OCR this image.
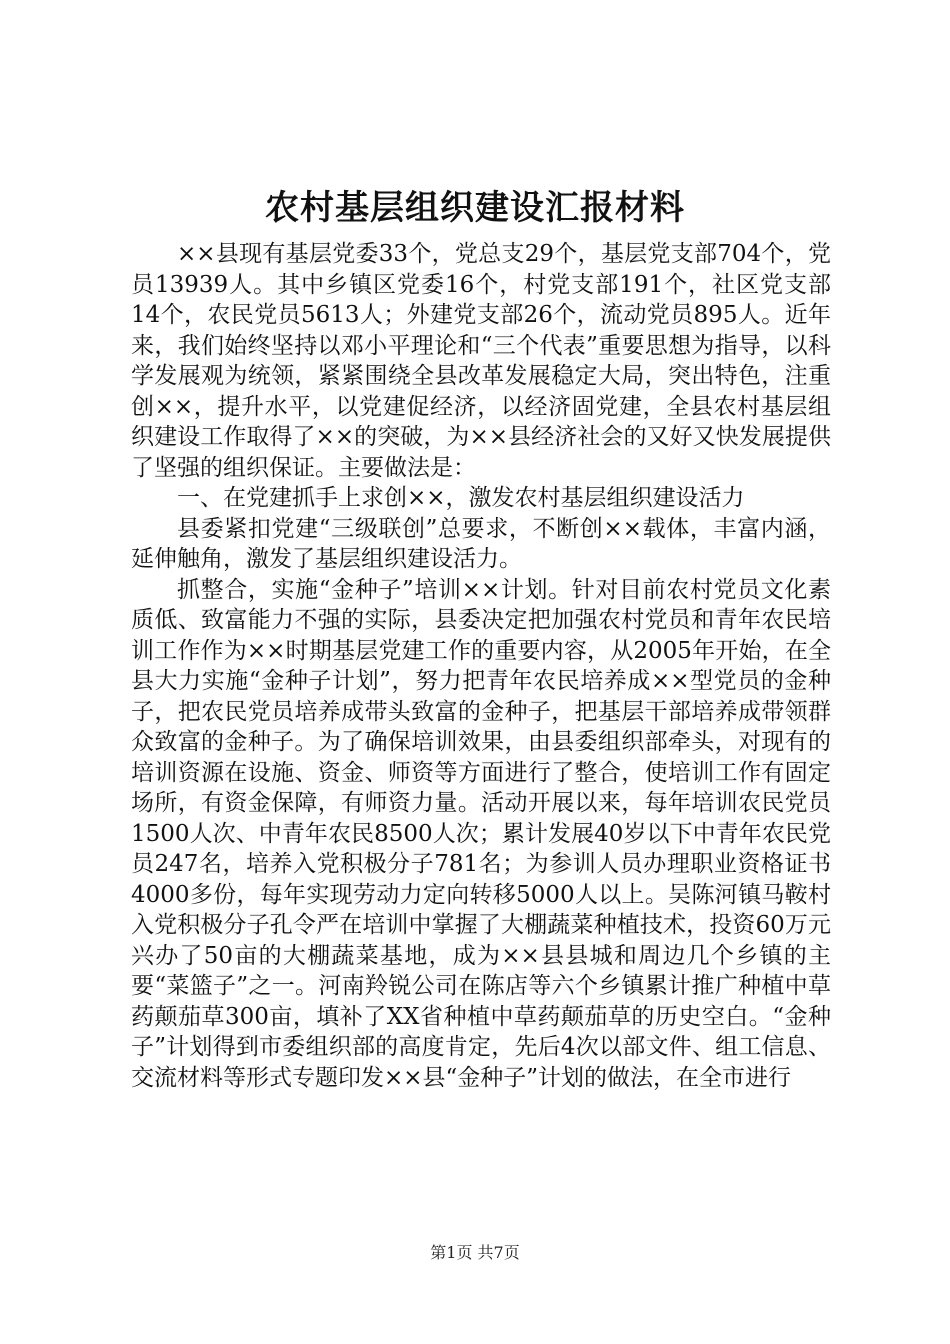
农村基层组织建设汇报材料

××县现有基层党委33个，党总支29个，基层党支部704个，党员13939人。其中乡镇区党委16个，村党支部191个，社区党支部14个，农民党员5613人；外建党支部26个，流动党员895人。近年来，我们始终坚持以邓小平理论和“三个代表”重要思想为指导，以科学发展观为统领，紧紧围绕全县改革发展稳定大局，突出特色，注重创××，提升水平，以党建促经济，以经济固党建，全县农村基层组织建设工作取得了××的突破，为××县经济社会的又好又快发展提供了坚强的组织保证。主要做法是：

一、在党建抓手上求创××，激发农村基层组织建设活力

县委紧扣党建“三级联创”总要求，不断创××载体，丰富内涵，延伸触角，激发了基层组织建设活力。

抓整合，实施“金种子”培训××计划。针对目前农村党员文化素质低、致富能力不强的实际，县委决定把加强农村党员和青年农民培训工作作为××时期基层党建工作的重要内容，从2005年开始，在全县大力实施“金种子计划”，努力把青年农民培养成××型党员的金种子，把农民党员培养成带头致富的金种子，把基层干部培养成带领群众致富的金种子。为了确保培训效果，由县委组织部牵头，对现有的培训资源在设施、资金、师资等方面进行了整合，使培训工作有固定场所，有资金保障，有师资力量。活动开展以来，每年培训农民党员1500人次、中青年农民8500人次；累计发展40岁以下中青年农民党员247名，培养入党积极分子781名；为参训人员办理职业资格证书4000多份，每年实现劳动力定向转移5000人以上。吴陈河镇马鞍村入党积极分子孔令严在培训中掌握了大棚蔬菜种植技术，投资60万元兴办了50亩的大棚蔬菜基地，成为××县县城和周边几个乡镇的主要“菜篮子”之一。河南羚锐公司在陈店等六个乡镇累计推广种植中草药颠茄草300亩，填补了XX省种植中草药颠茄草的历史空白。“金种子”计划得到市委组织部的高度肯定，先后4次以部文件、组工信息、交流材料等形式专题印发××县“金种子”计划的做法，在全市进行

第1页 共7页
